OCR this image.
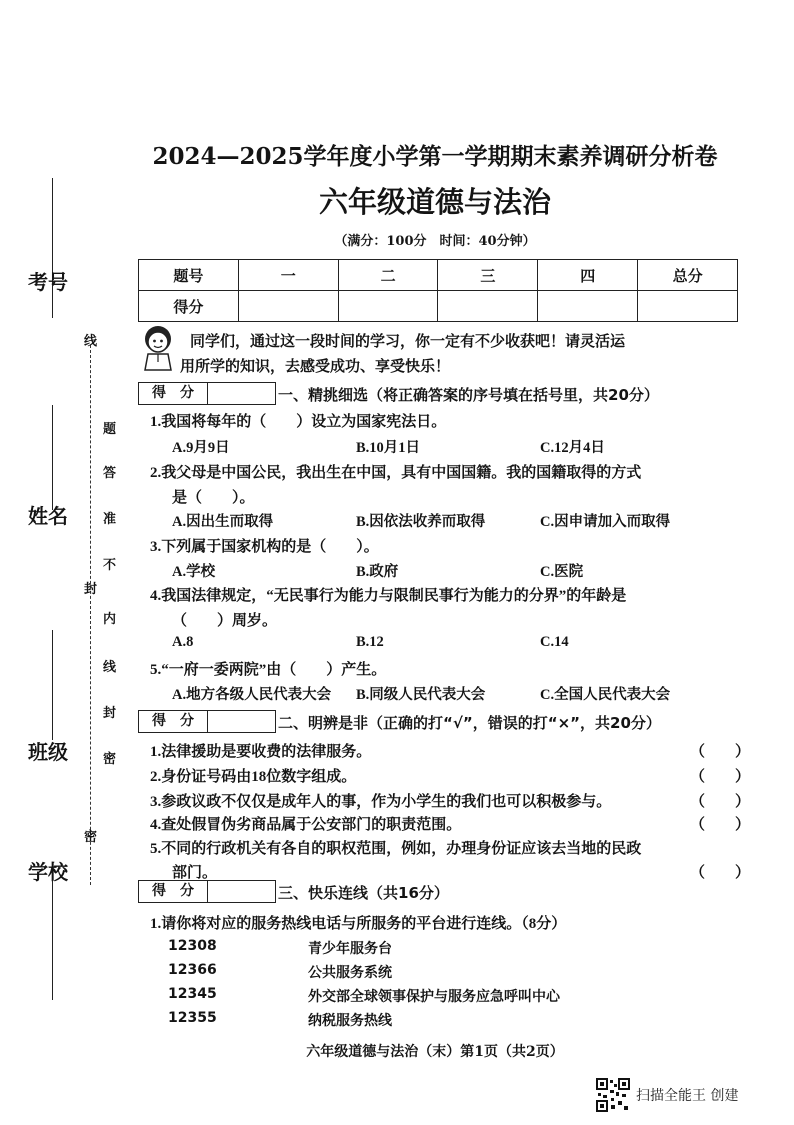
考号
姓名
班级
学校
线
封
密
题
答
准
不
内
线
封
密
2024—2025学年度小学第一学期期末素养调研分析卷
六年级道德与法治
（满分：100分　时间：40分钟）
题号	一	二	三	四	总分
得分					
同学们，通过这一段时间的学习，你一定有不少收获吧！请灵活运
用所学的知识，去感受成功、享受快乐！
得　分	一、精挑细选（将正确答案的序号填在括号里，共20分）
1.我国将每年的（　　）设立为国家宪法日。
A.9月9日	B.10月1日	C.12月4日
2.我父母是中国公民，我出生在中国，具有中国国籍。我的国籍取得的方式
是（　　）。
A.因出生而取得	B.因依法收养而取得	C.因申请加入而取得
3.下列属于国家机构的是（　　）。
A.学校	B.政府	C.医院
4.我国法律规定，“无民事行为能力与限制民事行为能力的分界”的年龄是
（　　）周岁。
A.8	B.12	C.14
5.“一府一委两院”由（　　）产生。
A.地方各级人民代表大会 B.同级人民代表大会	C.全国人民代表大会
得　分	二、明辨是非（正确的打“√”，错误的打“×”，共20分）
1.法律援助是要收费的法律服务。	（　　）
2.身份证号码由18位数字组成。	（　　）
3.参政议政不仅仅是成年人的事，作为小学生的我们也可以积极参与。	（　　）
4.查处假冒伪劣商品属于公安部门的职责范围。	（　　）
5.不同的行政机关有各自的职权范围，例如，办理身份证应该去当地的民政
部门。	（　　）
得　分	三、快乐连线（共16分）
1.请你将对应的服务热线电话与所服务的平台进行连线。（8分）
12308	青少年服务台
12366	公共服务系统
12345	外交部全球领事保护与服务应急呼叫中心
12355	纳税服务热线
六年级道德与法治（末）第1页（共2页）
扫描全能王 创建
